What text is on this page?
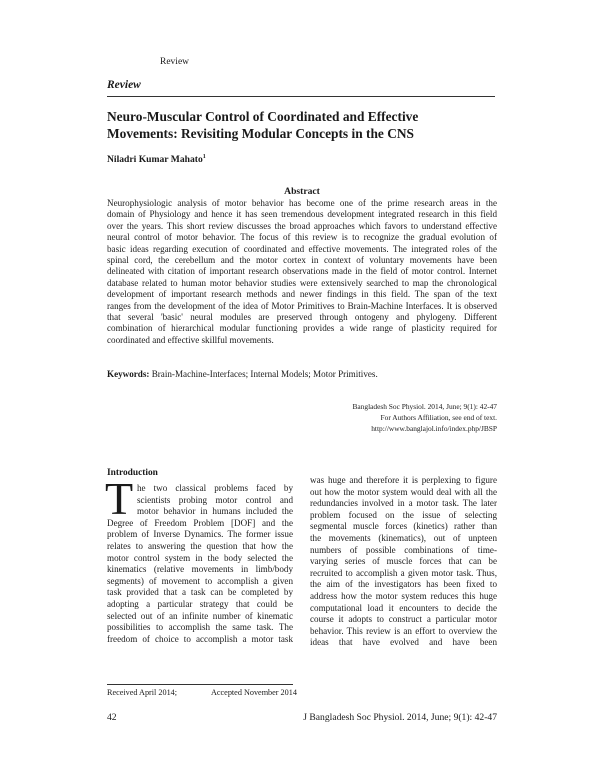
Review
Review
Neuro-Muscular Control of Coordinated and Effective
Movements: Revisiting Modular Concepts in the CNS
Niladri Kumar Mahato$^1$
Abstract
Neurophysiologic analysis of motor behavior has become one of the prime research areas in the
domain of Physiology and hence it has seen tremendous development integrated research in this field
over the years. This short review discusses the broad approaches which favors to understand effective
neural control of motor behavior. The focus of this review is to recognize the gradual evolution of
basic ideas regarding execution of coordinated and effective movements. The integrated roles of the
spinal cord, the cerebellum and the motor cortex in context of voluntary movements have been
delineated with citation of important research observations made in the field of motor control. Internet
database related to human motor behavior studies were extensively searched to map the chronological
development of important research methods and newer findings in this field. The span of the text
ranges from the development of the idea of Motor Primitives to Brain-Machine Interfaces. It is observed
that several 'basic' neural modules are preserved through ontogeny and phylogeny. Different
combination of hierarchical modular functioning provides a wide range of plasticity required for
coordinated and effective skillful movements.
Keywords: Brain-Machine-Interfaces; Internal Models; Motor Primitives.
Bangladesh Soc Physiol. 2014, June; 9(1): 42-47
For Authors Affiliation, see end of text.
http://www.banglajol.info/index.php/JBSP
Introduction
T he two classical problems faced by
scientists probing motor control and
motor behavior in humans included the
Degree of Freedom Problem [DOF] and the
problem of Inverse Dynamics. The former issue
relates to answering the question that how the
motor control system in the body selected the
kinematics (relative movements in limb/body
segments) of movement to accomplish a given
task provided that a task can be completed by
adopting a particular strategy that could be
selected out of an infinite number of kinematic
possibilities to accomplish the same task. The
freedom of choice to accomplish a motor task
was huge and therefore it is perplexing to figure
out how the motor system would deal with all the
redundancies involved in a motor task. The later
problem focused on the issue of selecting
segmental muscle forces (kinetics) rather than
the movements (kinematics), out of unpteen
numbers of possible combinations of time-
varying series of muscle forces that can be
recruited to accomplish a given motor task. Thus,
the aim of the investigators has been fixed to
address how the motor system reduces this huge
computational load it encounters to decide the
course it adopts to construct a particular motor
behavior. This review is an effort to overview the
ideas that have evolved and have been
Received April 2014;	Accepted November 2014
42	J Bangladesh Soc Physiol. 2014, June; 9(1): 42-47
